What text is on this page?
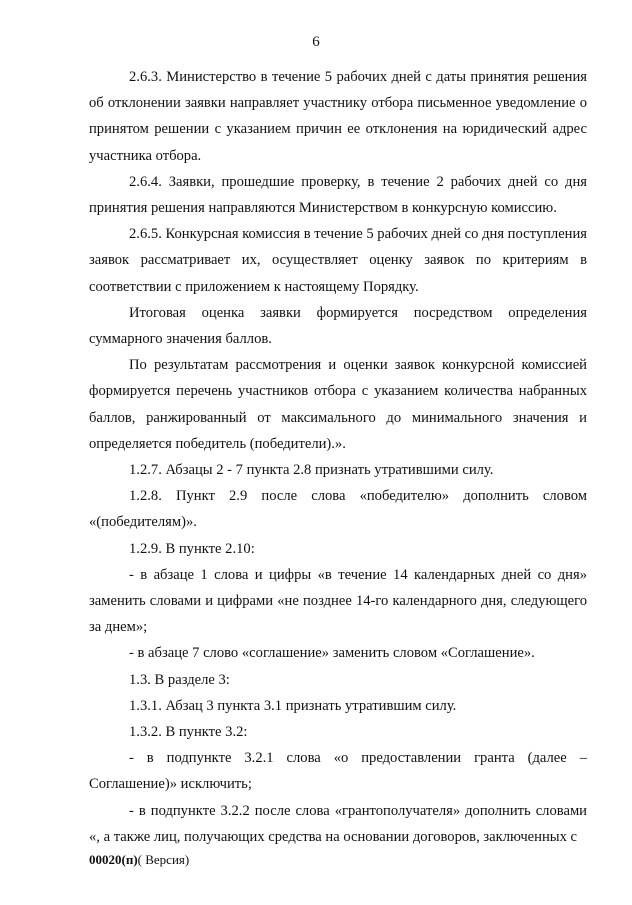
6

2.6.3. Министерство в течение 5 рабочих дней с даты принятия решения об отклонении заявки направляет участнику отбора письменное уведомление о принятом решении с указанием причин ее отклонения на юридический адрес участника отбора.

2.6.4. Заявки, прошедшие проверку, в течение 2 рабочих дней со дня принятия решения направляются Министерством в конкурсную комиссию.

2.6.5. Конкурсная комиссия в течение 5 рабочих дней со дня поступления заявок рассматривает их, осуществляет оценку заявок по критериям в соответствии с приложением к настоящему Порядку.

Итоговая оценка заявки формируется посредством определения суммарного значения баллов.

По результатам рассмотрения и оценки заявок конкурсной комиссией формируется перечень участников отбора с указанием количества набранных баллов, ранжированный от максимального до минимального значения и определяется победитель (победители).».

1.2.7. Абзацы 2 - 7 пункта 2.8 признать утратившими силу.

1.2.8. Пункт 2.9 после слова «победителю» дополнить словом «(победителям)».

1.2.9. В пункте 2.10:

- в абзаце 1 слова и цифры «в течение 14 календарных дней со дня» заменить словами и цифрами «не позднее 14-го календарного дня, следующего за днем»;

- в абзаце 7 слово «соглашение» заменить словом «Соглашение».

1.3. В разделе 3:

1.3.1. Абзац 3 пункта 3.1 признать утратившим силу.

1.3.2. В пункте 3.2:

- в подпункте 3.2.1 слова «о предоставлении гранта (далее – Соглашение)» исключить;

- в подпункте 3.2.2 после слова «грантополучателя» дополнить словами «, а также лиц, получающих средства на основании договоров, заключенных с

00020(п)( Версия)
